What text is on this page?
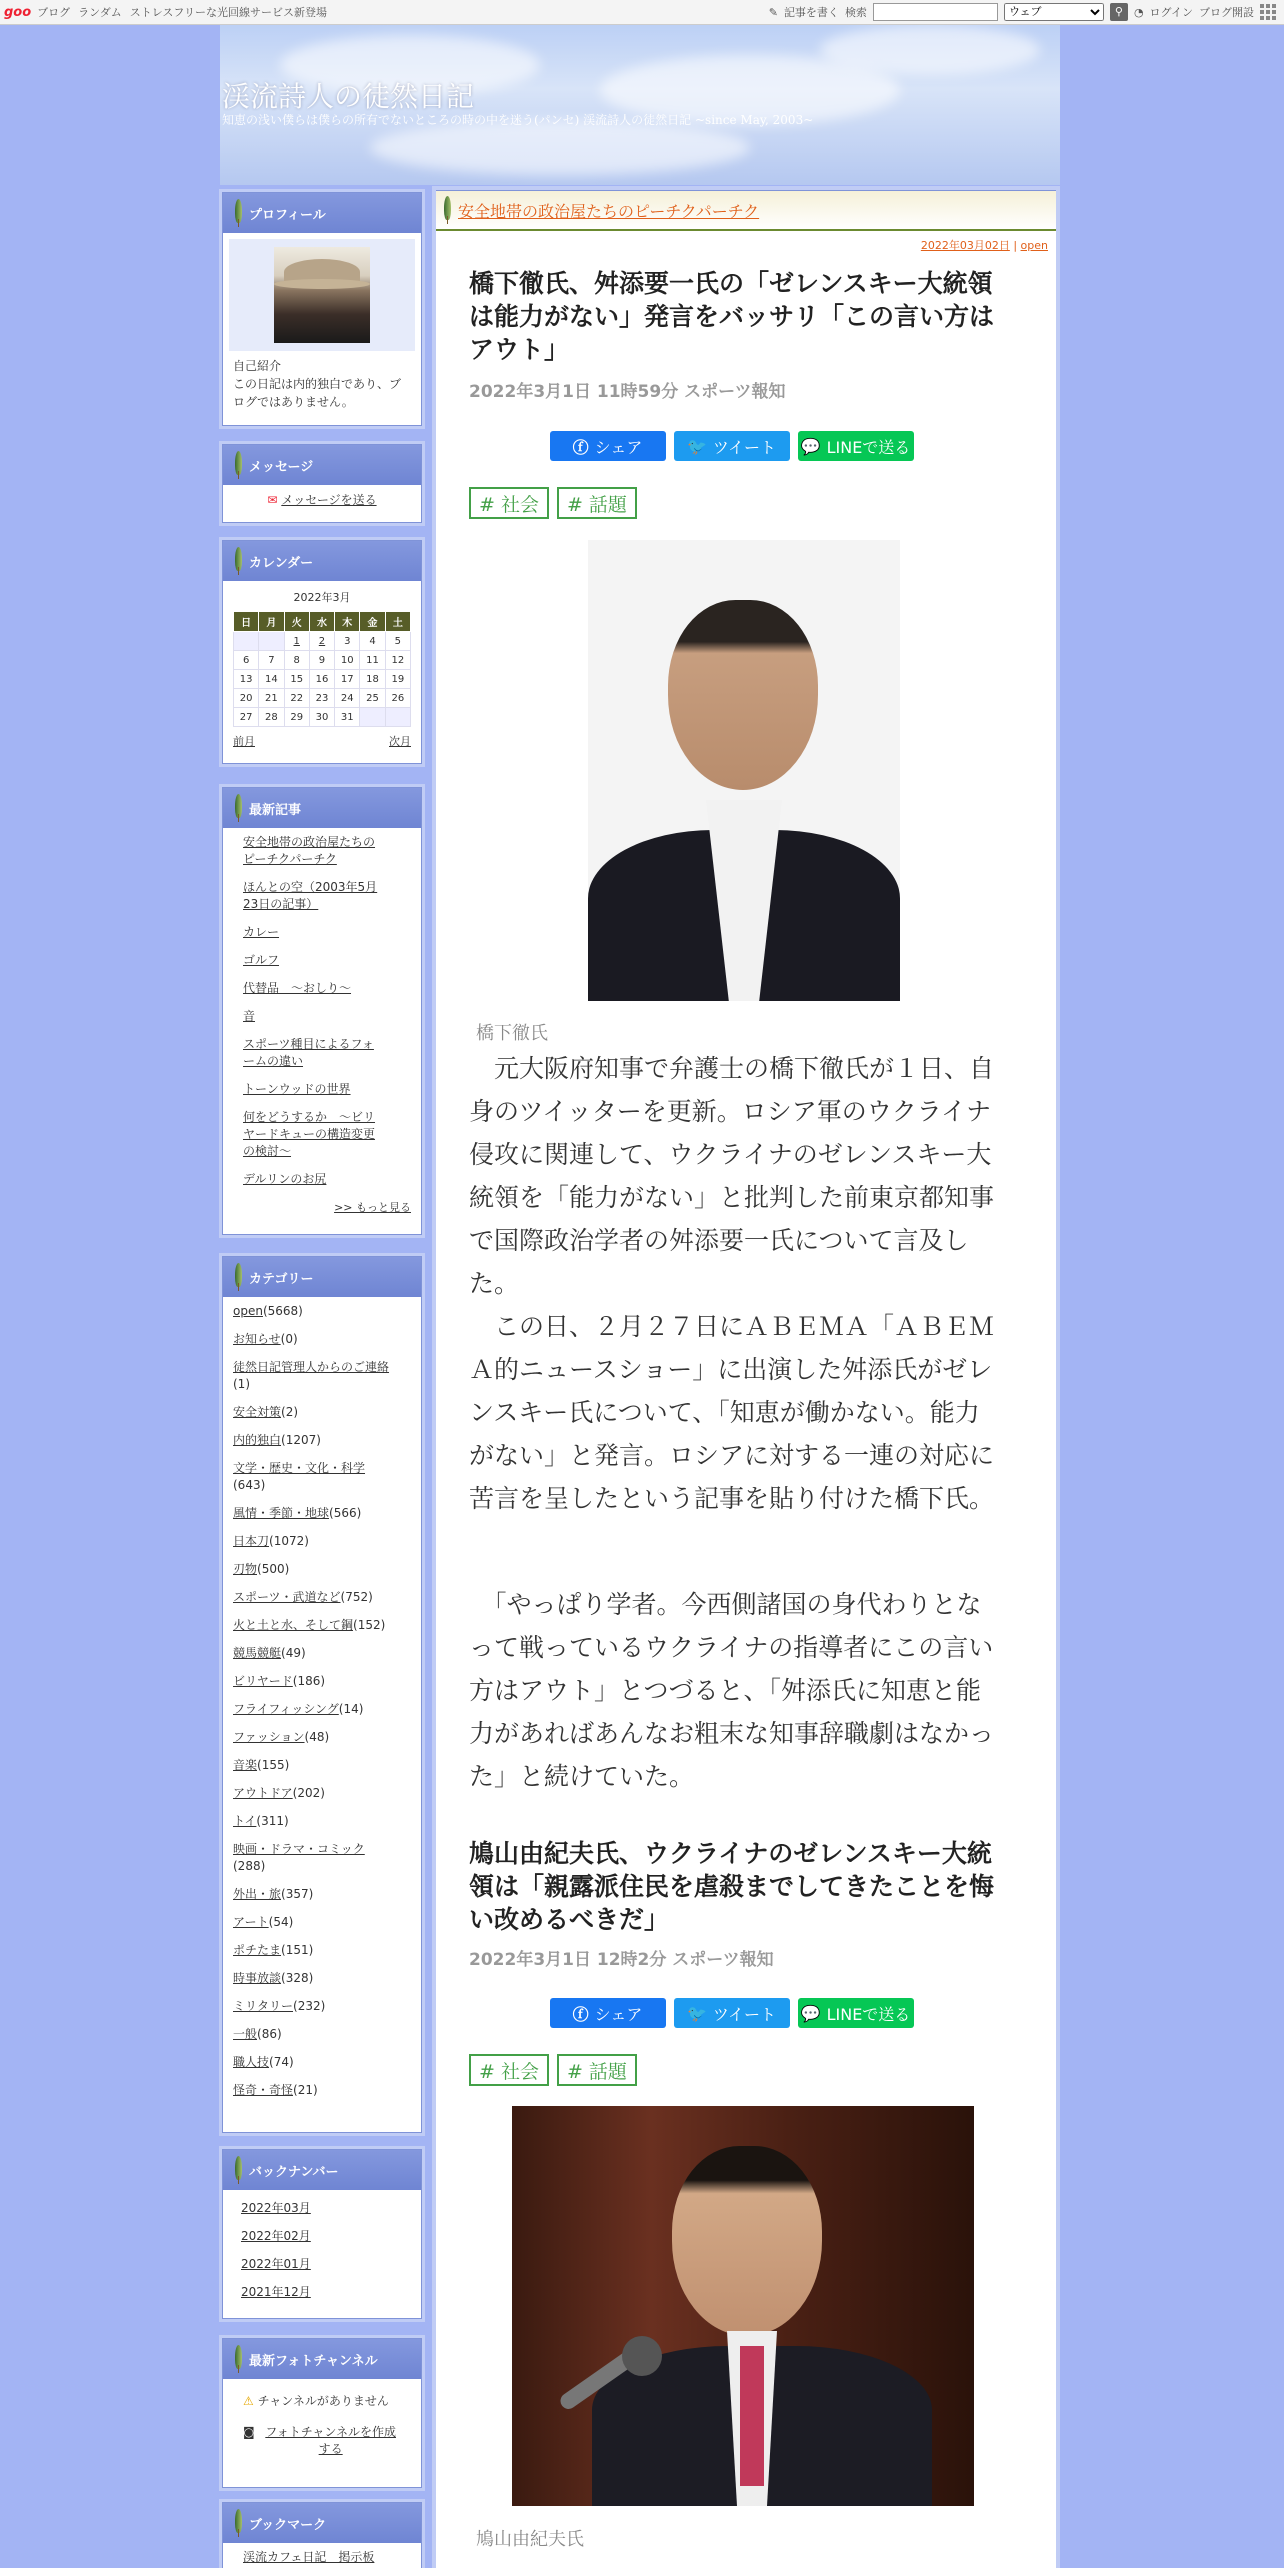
goo ブログ ランダム ストレスフリーな光回線サービス新登場	✎ 記事を書く 検索
ウェブ	⚲ ◔ ログイン ブログ開設
渓流詩人の徒然日記
知恵の浅い僕らは僕らの所有でないところの時の中を迷う(パンセ) 渓流詩人の徒然日記 ~since May, 2003~
プロフィール
自己紹介
この日記は内的独白であり、ブログではありません。
メッセージ
✉ メッセージを送る
カレンダー
2022年3月
日	月	火	水	木	金	土
		1	2	3	4	5
6	7	8	9	10	11	12
13	14	15	16	17	18	19
20	21	22	23	24	25	26
27	28	29	30	31		
前月	次月
最新記事
安全地帯の政治屋たちのピーチクパーチク
ほんとの空（2003年5月23日の記事）
カレー
ゴルフ
代替品　～おしり～
音
スポーツ種目によるフォームの違い
トーンウッドの世界
何をどうするか　～ビリヤードキューの構造変更の検討～
デルリンのお尻
>> もっと見る
カテゴリー
open(5668)
お知らせ(0)
徒然日記管理人からのご連絡(1)
安全対策(2)
内的独白(1207)
文学・歴史・文化・科学(643)
風情・季節・地球(566)
日本刀(1072)
刃物(500)
スポーツ・武道など(752)
火と土と水、そして鋼(152)
競馬競艇(49)
ビリヤード(186)
フライフィッシング(14)
ファッション(48)
音楽(155)
アウトドア(202)
トイ(311)
映画・ドラマ・コミック(288)
外出・旅(357)
アート(54)
ポチたま(151)
時事放談(328)
ミリタリー(232)
一般(86)
職人技(74)
怪奇・奇怪(21)
バックナンバー
2022年03月
2022年02月
2022年01月
2021年12月
最新フォトチャンネル
⚠ チャンネルがありません
◙ フォトチャンネルを作成する
ブックマーク
渓流カフェ日記　掲示板
安全地帯の政治屋たちのピーチクパーチク
2022年03月02日 | open
橋下徹氏、舛添要一氏の「ゼレンスキー大統領は能力がない」発言をバッサリ「この言い方はアウト」
2022年3月1日 11時59分 スポーツ報知
ⓕ シェア	🐦 ツイート 💬 LINEで送る
# 社会	# 話題
橋下徹氏
　元大阪府知事で弁護士の橋下徹氏が１日、自身のツイッターを更新。ロシア軍のウクライナ侵攻に関連して、ウクライナのゼレンスキー大統領を「能力がない」と批判した前東京都知事で国際政治学者の舛添要一氏について言及した。
　この日、２月２７日にＡＢＥＭＡ「ＡＢＥＭＡ的ニュースショー」に出演した舛添氏がゼレンスキー氏について、「知恵が働かない。能力がない」と発言。ロシアに対する一連の対応に苦言を呈したという記事を貼り付けた橋下氏。
　「やっぱり学者。今西側諸国の身代わりとなって戦っているウクライナの指導者にこの言い方はアウト」とつづると、「舛添氏に知恵と能力があればあんなお粗末な知事辞職劇はなかった」と続けていた。
鳩山由紀夫氏、ウクライナのゼレンスキー大統領は「親露派住民を虐殺までしてきたことを悔い改めるべきだ」
2022年3月1日 12時2分 スポーツ報知
ⓕ シェア	🐦 ツイート 💬 LINEで送る
# 社会	# 話題
鳩山由紀夫氏
